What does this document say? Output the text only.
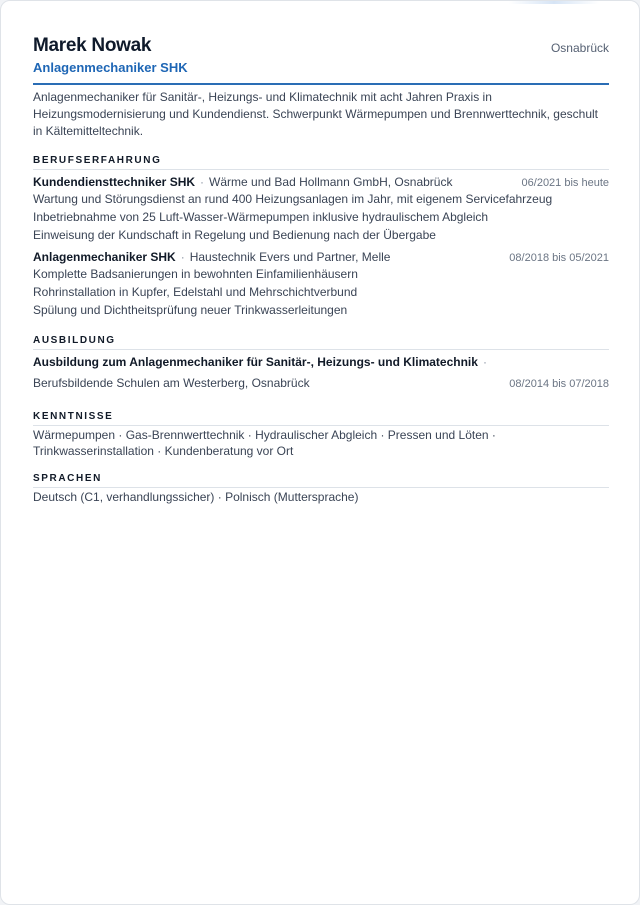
Marek Nowak
Anlagenmechaniker SHK
Osnabrück
Anlagenmechaniker für Sanitär-, Heizungs- und Klimatechnik mit acht Jahren Praxis in Heizungsmodernisierung und Kundendienst. Schwerpunkt Wärmepumpen und Brennwerttechnik, geschult in Kältemitteltechnik.
BERUFSERFAHRUNG
Kundendiensttechniker SHK · Wärme und Bad Hollmann GmbH, Osnabrück	06/2021 bis heute
Wartung und Störungsdienst an rund 400 Heizungsanlagen im Jahr, mit eigenem Servicefahrzeug
Inbetriebnahme von 25 Luft-Wasser-Wärmepumpen inklusive hydraulischem Abgleich
Einweisung der Kundschaft in Regelung und Bedienung nach der Übergabe
Anlagenmechaniker SHK · Haustechnik Evers und Partner, Melle	08/2018 bis 05/2021
Komplette Badsanierungen in bewohnten Einfamilienhäusern
Rohrinstallation in Kupfer, Edelstahl und Mehrschichtverbund
Spülung und Dichtheitsprüfung neuer Trinkwasserleitungen
AUSBILDUNG
Ausbildung zum Anlagenmechaniker für Sanitär-, Heizungs- und Klimatechnik ·
Berufsbildende Schulen am Westerberg, Osnabrück	08/2014 bis 07/2018
KENNTNISSE
Wärmepumpen · Gas-Brennwerttechnik · Hydraulischer Abgleich · Pressen und Löten · Trinkwasserinstallation · Kundenberatung vor Ort
SPRACHEN
Deutsch (C1, verhandlungssicher) · Polnisch (Muttersprache)
